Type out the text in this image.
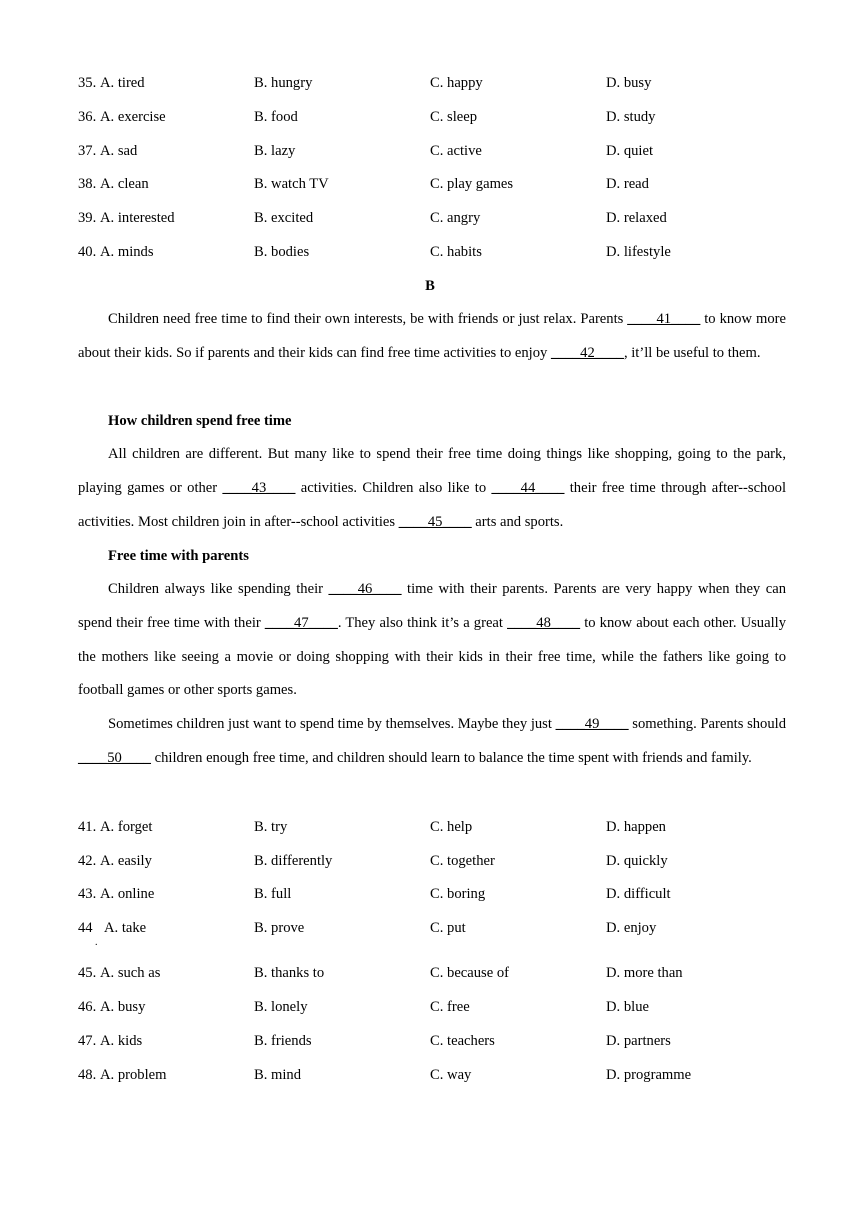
35. A. tired	B. hungry	C. happy	D. busy
36. A. exercise	B. food	C. sleep	D. study
37. A. sad	B. lazy	C. active	D. quiet
38. A. clean	B. watch TV	C. play games	D. read
39. A. interested	B. excited	C. angry	D. relaxed
40. A. minds	B. bodies	C. habits	D. lifestyle
B
Children need free time to find their own interests, be with friends or just relax. Parents ____41____ to know more about their kids. So if parents and their kids can find free time activities to enjoy ____42____, it’ll be useful to them.
How children spend free time
All children are different. But many like to spend their free time doing things like shopping, going to the park, playing games or other ____43____ activities. Children also like to ____44____ their free time through after--school activities. Most children join in after--school activities ____45____ arts and sports.
Free time with parents
Children always like spending their ____46____ time with their parents. Parents are very happy when they can spend their free time with their ____47____. They also think it’s a great ____48____ to know about each other. Usually the mothers like seeing a movie or doing shopping with their kids in their free time, while the fathers like going to football games or other sports games.
Sometimes children just want to spend time by themselves. Maybe they just ____49____ something. Parents should ____50____ children enough free time, and children should learn to balance the time spent with friends and family.
41. A. forget	B. try	C. help	D. happen
42. A. easily	B. differently	C. together	D. quickly
43. A. online	B. full	C. boring	D. difficult
44 A. take	B. prove	C. put	D. enjoy
.
45. A. such as	B. thanks to	C. because of	D. more than
46. A. busy	B. lonely	C. free	D. blue
47. A. kids	B. friends	C. teachers	D. partners
48. A. problem	B. mind	C. way	D. programme
